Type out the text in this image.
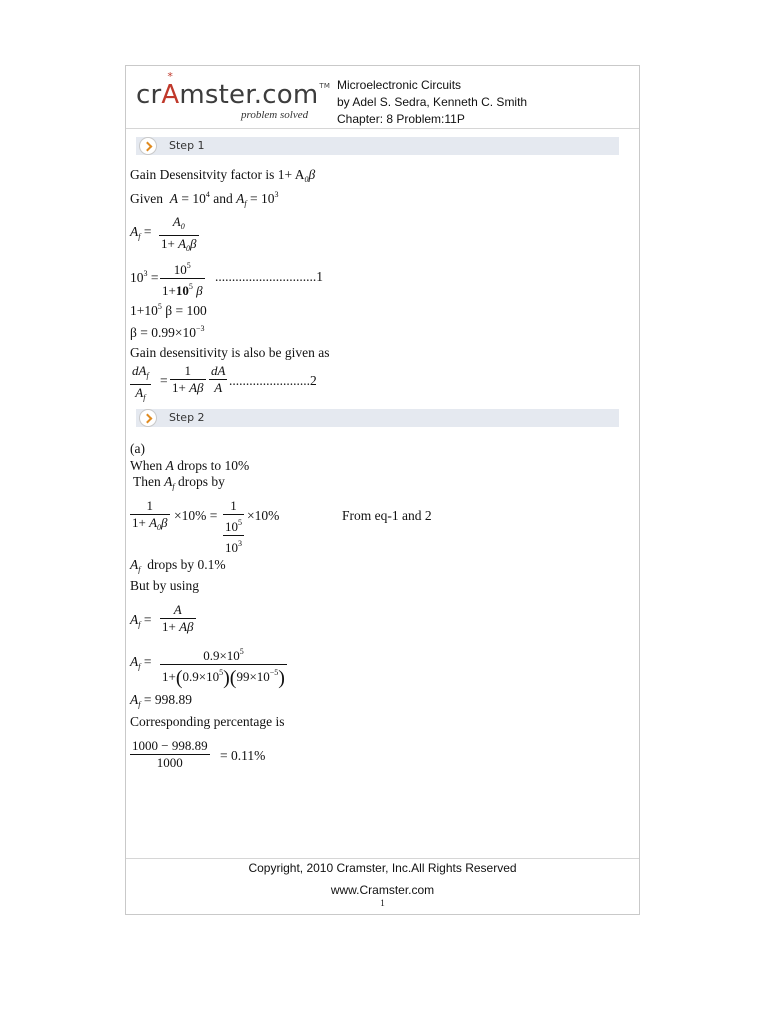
crA
*
mster.com TM
problem solved
Microelectronic Circuits
by Adel S. Sedra, Kenneth C. Smith
Chapter: 8 Problem:11P
Step 1
Gain Desensitvity factor is $1+ A_0\beta$
Given $A = 10^4$ and $A_f = 10^3$
$A_f = \frac{A_0}{1+ A_0\beta}$
$10^3 = \frac{10^5}{1+10^5 \beta} ..............................1$
$1+10^5$ β = 100
$\beta = 0.99\times 10^{-3}$
Gain desensitivity is also be given as
$dA_f$
$A_f$
= $\frac{1}{1+ A\beta} \frac{dA}{A} ........................2$
Step 2
(a)
When A drops to 10%
Then $A_f$ drops by
$\frac{1}{1+ A_0\beta} \times 10\%$ =
1
$10^5$
$10^3$
×10%	From eq-1 and 2
$A_f$ drops by 0.1%
But by using
$A_f = \frac{A}{1+ A\beta}$
$A_f = \frac{0.9\times 10^5}{1+(0.9\times 10^5)(99\times 10^{-5})}$
$A_f = 998.89$
Corresponding percentage is
$\frac{1000 - 998.89}{1000} = 0.11\%$
Copyright, 2010 Cramster, Inc.All Rights Reserved
www.Cramster.com
1
